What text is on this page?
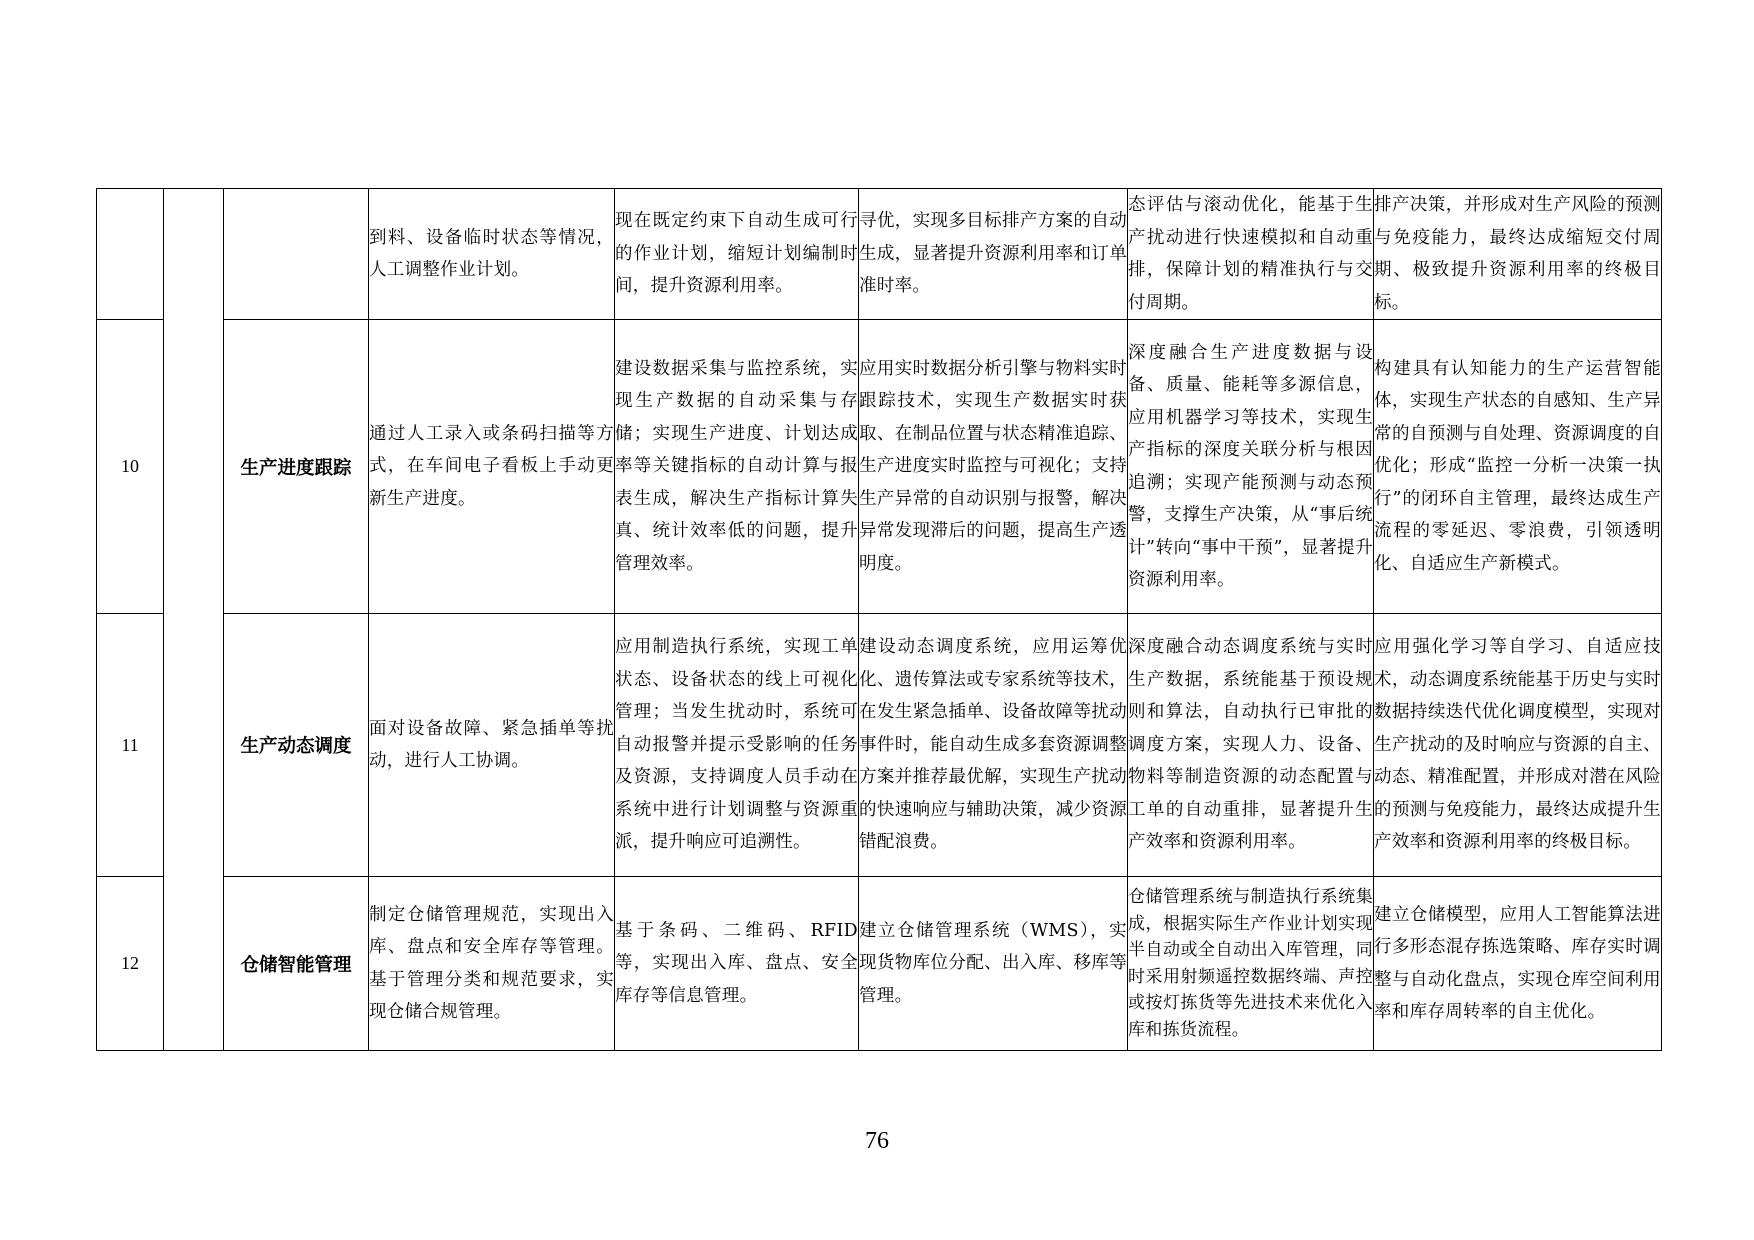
			到料、设备临时状态等情况，人工调整作业计划。	现在既定约束下自动生成可行的作业计划，缩短计划编制时间，提升资源利用率。	寻优，实现多目标排产方案的自动生成，显著提升资源利用率和订单准时率。	态评估与滚动优化，能基于生产扰动进行快速模拟和自动重排，保障计划的精准执行与交付周期。	排产决策，并形成对生产风险的预测与免疫能力，最终达成缩短交付周期、极致提升资源利用率的终极目标。
10		生产进度跟踪	通过人工录入或条码扫描等方式，在车间电子看板上手动更新生产进度。	建设数据采集与监控系统，实现生产数据的自动采集与存储；实现生产进度、计划达成率等关键指标的自动计算与报表生成，解决生产指标计算失真、统计效率低的问题，提升管理效率。	应用实时数据分析引擎与物料实时跟踪技术，实现生产数据实时获取、在制品位置与状态精准追踪、生产进度实时监控与可视化；支持生产异常的自动识别与报警，解决异常发现滞后的问题，提高生产透明度。	深度融合生产进度数据与设备、质量、能耗等多源信息，应用机器学习等技术，实现生产指标的深度关联分析与根因追溯；实现产能预测与动态预警，支撑生产决策，从“事后统计”转向“事中干预”，显著提升资源利用率。	构建具有认知能力的生产运营智能体，实现生产状态的自感知、生产异常的自预测与自处理、资源调度的自优化；形成“监控一分析一决策一执行”的闭环自主管理，最终达成生产流程的零延迟、零浪费，引领透明化、自适应生产新模式。
11		生产动态调度	面对设备故障、紧急插单等扰动，进行人工协调。	应用制造执行系统，实现工单状态、设备状态的线上可视化管理；当发生扰动时，系统可自动报警并提示受影响的任务及资源，支持调度人员手动在系统中进行计划调整与资源重派，提升响应可追溯性。	建设动态调度系统，应用运筹优化、遗传算法或专家系统等技术，在发生紧急插单、设备故障等扰动事件时，能自动生成多套资源调整方案并推荐最优解，实现生产扰动的快速响应与辅助决策，减少资源错配浪费。	深度融合动态调度系统与实时生产数据，系统能基于预设规则和算法，自动执行已审批的调度方案，实现人力、设备、物料等制造资源的动态配置与工单的自动重排，显著提升生产效率和资源利用率。	应用强化学习等自学习、自适应技术，动态调度系统能基于历史与实时数据持续迭代优化调度模型，实现对生产扰动的及时响应与资源的自主、动态、精准配置，并形成对潜在风险的预测与免疫能力，最终达成提升生产效率和资源利用率的终极目标。
12		仓储智能管理	制定仓储管理规范，实现出入库、盘点和安全库存等管理。基于管理分类和规范要求，实现仓储合规管理。	基于条码、二维码、RFID等，实现出入库、盘点、安全库存等信息管理。	建立仓储管理系统（WMS），实现货物库位分配、出入库、移库等管理。	仓储管理系统与制造执行系统集成，根据实际生产作业计划实现半自动或全自动出入库管理，同时采用射频遥控数据终端、声控或按灯拣货等先进技术来优化入库和拣货流程。	建立仓储模型，应用人工智能算法进行多形态混存拣选策略、库存实时调整与自动化盘点，实现仓库空间利用率和库存周转率的自主优化。
76
